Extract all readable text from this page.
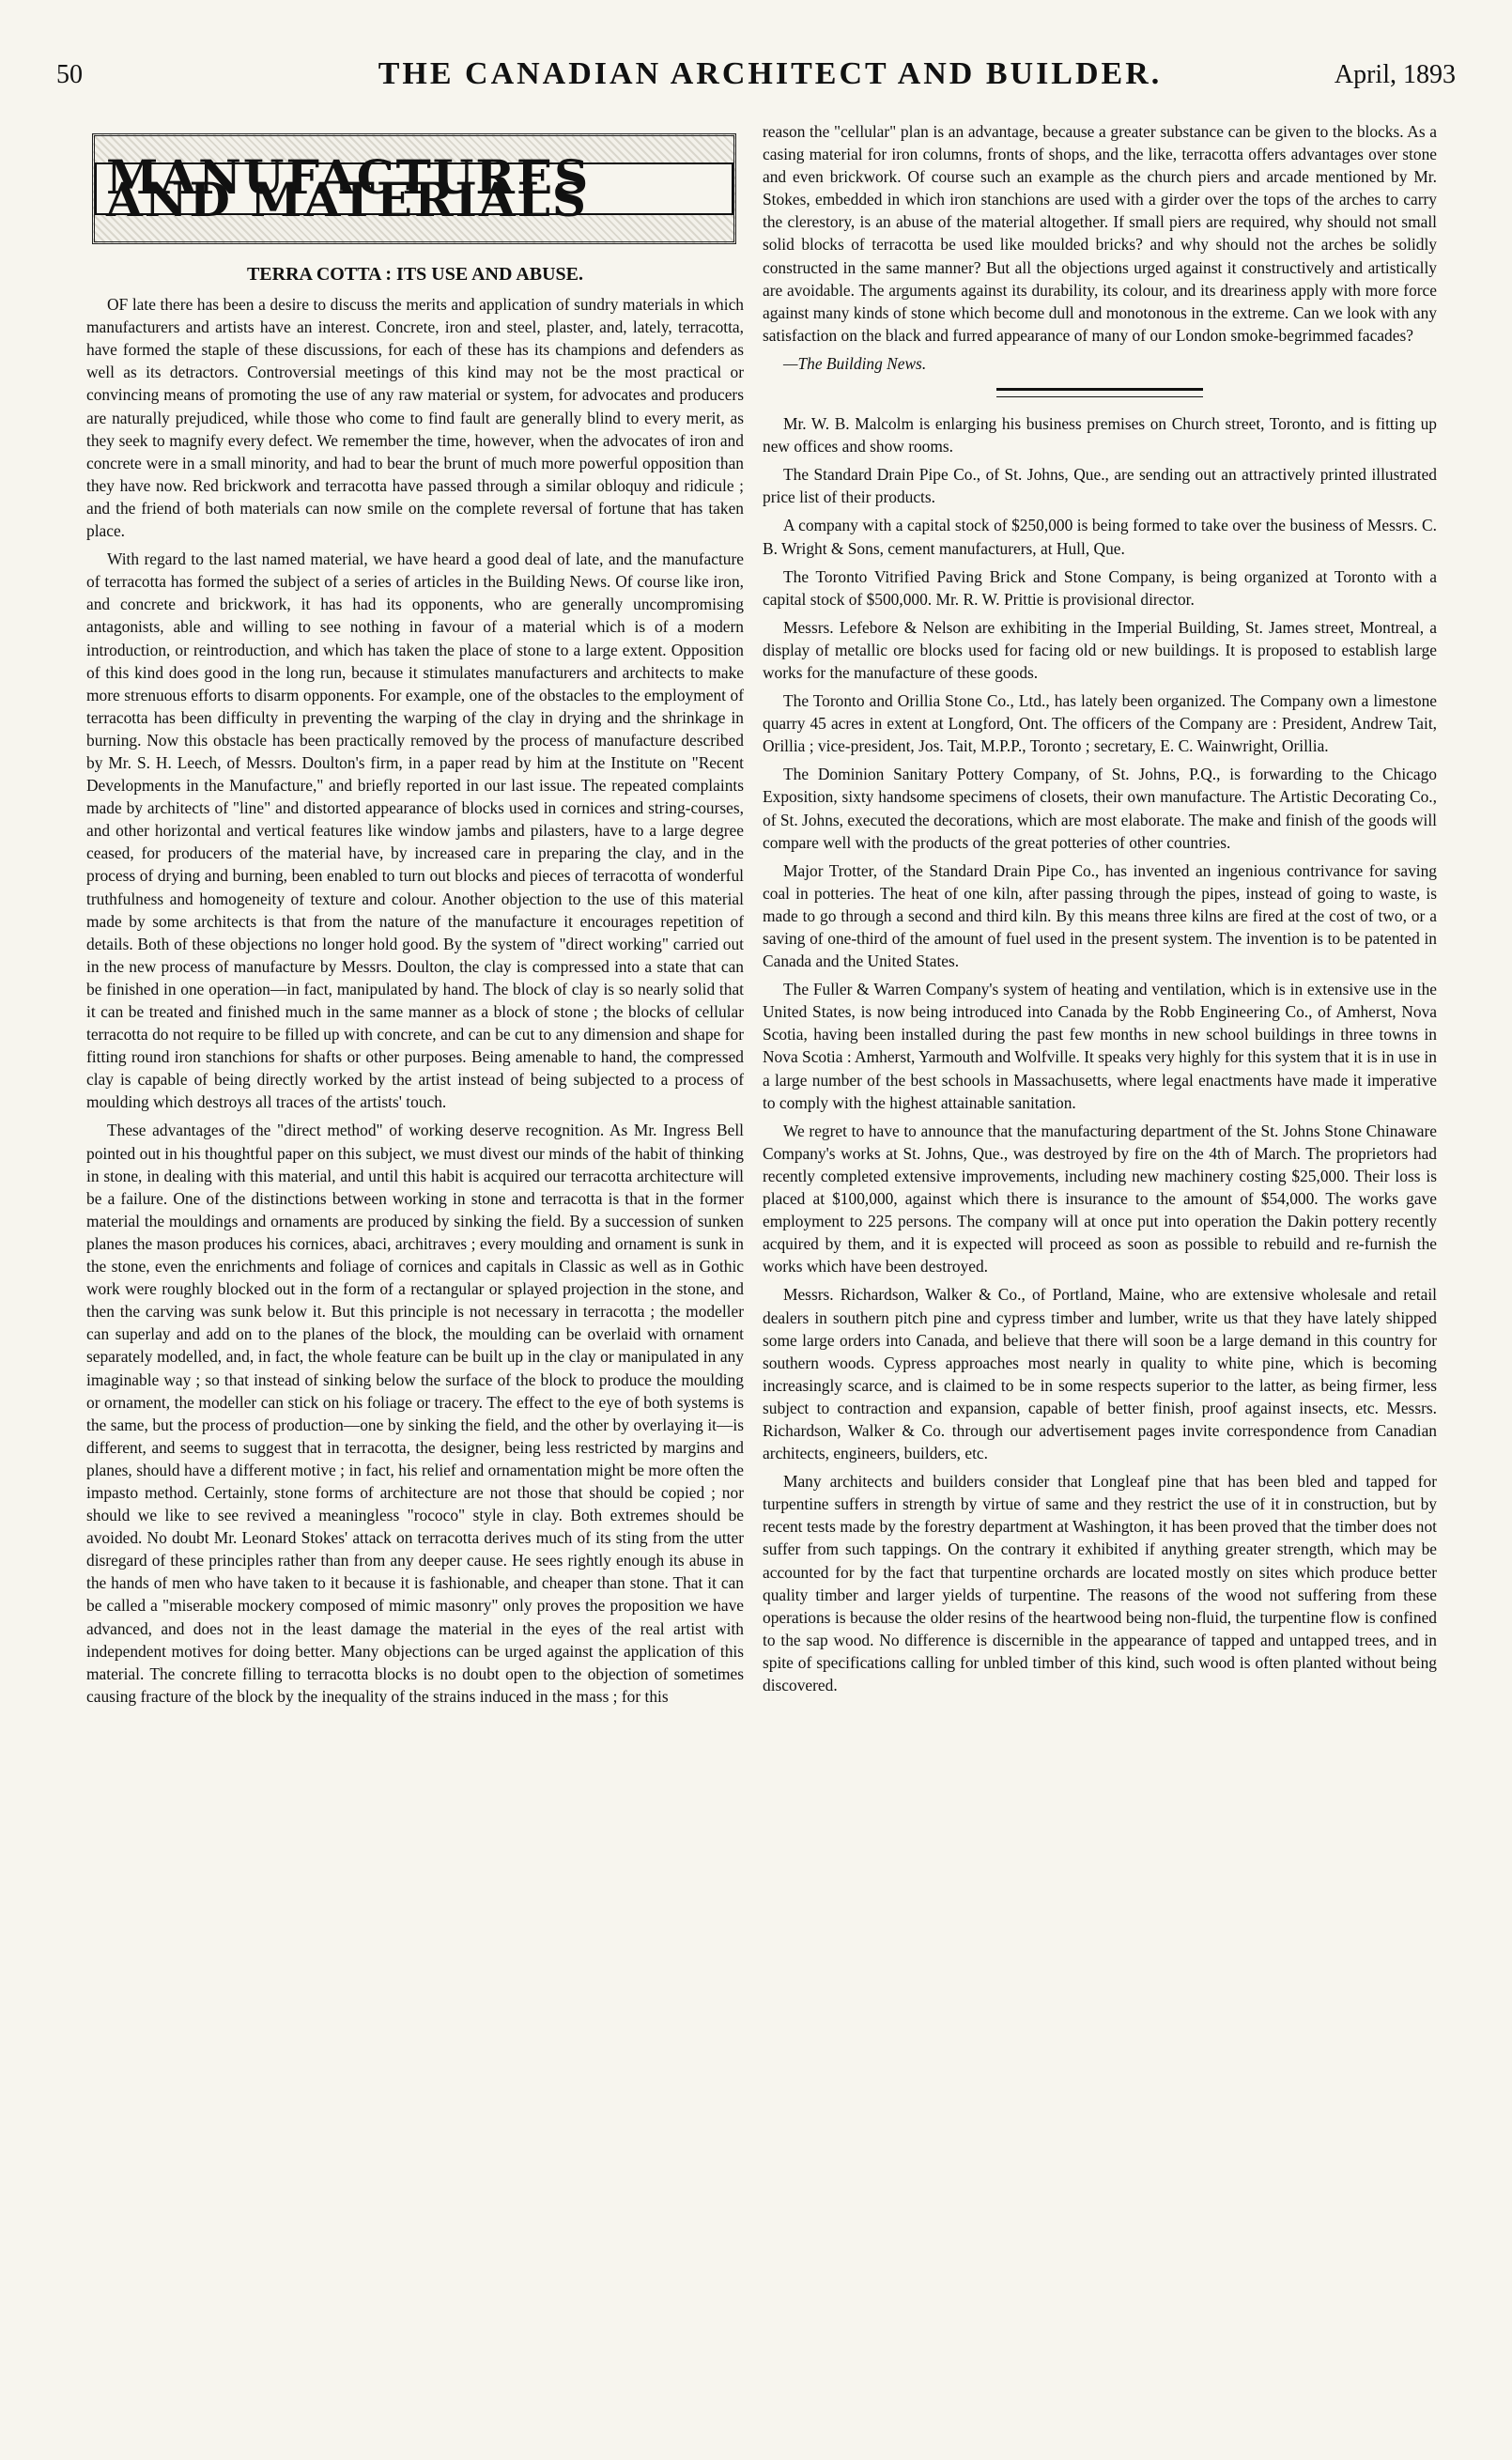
50	THE CANADIAN ARCHITECT AND BUILDER.	April, 1893
MANUFACTURES AND MATERIALS
TERRA COTTA : ITS USE AND ABUSE.

OF late there has been a desire to discuss the merits and application of sundry materials in which manufacturers and artists have an interest. Concrete, iron and steel, plaster, and, lately, terracotta, have formed the staple of these discussions, for each of these has its champions and defenders as well as its detractors. Controversial meetings of this kind may not be the most practical or convincing means of promoting the use of any raw material or system, for advocates and producers are naturally prejudiced, while those who come to find fault are generally blind to every merit, as they seek to magnify every defect. We remember the time, however, when the advocates of iron and concrete were in a small minority, and had to bear the brunt of much more powerful opposition than they have now. Red brickwork and terracotta have passed through a similar obloquy and ridicule ; and the friend of both materials can now smile on the complete reversal of fortune that has taken place.

With regard to the last named material, we have heard a good deal of late, and the manufacture of terracotta has formed the subject of a series of articles in the Building News. Of course like iron, and concrete and brickwork, it has had its opponents, who are generally uncompromising antagonists, able and willing to see nothing in favour of a material which is of a modern introduction, or reintroduction, and which has taken the place of stone to a large extent. Opposition of this kind does good in the long run, because it stimulates manufacturers and architects to make more strenuous efforts to disarm opponents. For example, one of the obstacles to the employment of terracotta has been difficulty in preventing the warping of the clay in drying and the shrinkage in burning. Now this obstacle has been practically removed by the process of manufacture described by Mr. S. H. Leech, of Messrs. Doulton's firm, in a paper read by him at the Institute on "Recent Developments in the Manufacture," and briefly reported in our last issue. The repeated complaints made by architects of "line" and distorted appearance of blocks used in cornices and string-courses, and other horizontal and vertical features like window jambs and pilasters, have to a large degree ceased, for producers of the material have, by increased care in preparing the clay, and in the process of drying and burning, been enabled to turn out blocks and pieces of terracotta of wonderful truthfulness and homogeneity of texture and colour. Another objection to the use of this material made by some architects is that from the nature of the manufacture it encourages repetition of details. Both of these objections no longer hold good. By the system of "direct working" carried out in the new process of manufacture by Messrs. Doulton, the clay is compressed into a state that can be finished in one operation—in fact, manipulated by hand. The block of clay is so nearly solid that it can be treated and finished much in the same manner as a block of stone ; the blocks of cellular terracotta do not require to be filled up with concrete, and can be cut to any dimension and shape for fitting round iron stanchions for shafts or other purposes. Being amenable to hand, the compressed clay is capable of being directly worked by the artist instead of being subjected to a process of moulding which destroys all traces of the artists' touch.

These advantages of the "direct method" of working deserve recognition. As Mr. Ingress Bell pointed out in his thoughtful paper on this subject, we must divest our minds of the habit of thinking in stone, in dealing with this material, and until this habit is acquired our terracotta architecture will be a failure. One of the distinctions between working in stone and terracotta is that in the former material the mouldings and ornaments are produced by sinking the field. By a succession of sunken planes the mason produces his cornices, abaci, architraves ; every moulding and ornament is sunk in the stone, even the enrichments and foliage of cornices and capitals in Classic as well as in Gothic work were roughly blocked out in the form of a rectangular or splayed projection in the stone, and then the carving was sunk below it. But this principle is not necessary in terracotta ; the modeller can superlay and add on to the planes of the block, the moulding can be overlaid with ornament separately modelled, and, in fact, the whole feature can be built up in the clay or manipulated in any imaginable way ; so that instead of sinking below the surface of the block to produce the moulding or ornament, the modeller can stick on his foliage or tracery. The effect to the eye of both systems is the same, but the process of production—one by sinking the field, and the other by overlaying it—is different, and seems to suggest that in terracotta, the designer, being less restricted by margins and planes, should have a different motive ; in fact, his relief and ornamentation might be more often the impasto method. Certainly, stone forms of architecture are not those that should be copied ; nor should we like to see revived a meaningless "rococo" style in clay. Both extremes should be avoided. No doubt Mr. Leonard Stokes' attack on terracotta derives much of its sting from the utter disregard of these principles rather than from any deeper cause. He sees rightly enough its abuse in the hands of men who have taken to it because it is fashionable, and cheaper than stone. That it can be called a "miserable mockery composed of mimic masonry" only proves the proposition we have advanced, and does not in the least damage the material in the eyes of the real artist with independent motives for doing better. Many objections can be urged against the application of this material. The concrete filling to terracotta blocks is no doubt open to the objection of sometimes causing fracture of the block by the inequality of the strains induced in the mass ; for this

reason the "cellular" plan is an advantage, because a greater substance can be given to the blocks. As a casing material for iron columns, fronts of shops, and the like, terracotta offers advantages over stone and even brickwork. Of course such an example as the church piers and arcade mentioned by Mr. Stokes, embedded in which iron stanchions are used with a girder over the tops of the arches to carry the clerestory, is an abuse of the material altogether. If small piers are required, why should not small solid blocks of terracotta be used like moulded bricks? and why should not the arches be solidly constructed in the same manner? But all the objections urged against it constructively and artistically are avoidable. The arguments against its durability, its colour, and its dreariness apply with more force against many kinds of stone which become dull and monotonous in the extreme. Can we look with any satisfaction on the black and furred appearance of many of our London smoke-begrimmed facades?

—The Building News.

Mr. W. B. Malcolm is enlarging his business premises on Church street, Toronto, and is fitting up new offices and show rooms.

The Standard Drain Pipe Co., of St. Johns, Que., are sending out an attractively printed illustrated price list of their products.

A company with a capital stock of $250,000 is being formed to take over the business of Messrs. C. B. Wright & Sons, cement manufacturers, at Hull, Que.

The Toronto Vitrified Paving Brick and Stone Company, is being organized at Toronto with a capital stock of $500,000. Mr. R. W. Prittie is provisional director.

Messrs. Lefebore & Nelson are exhibiting in the Imperial Building, St. James street, Montreal, a display of metallic ore blocks used for facing old or new buildings. It is proposed to establish large works for the manufacture of these goods.

The Toronto and Orillia Stone Co., Ltd., has lately been organized. The Company own a limestone quarry 45 acres in extent at Longford, Ont. The officers of the Company are : President, Andrew Tait, Orillia ; vice-president, Jos. Tait, M.P.P., Toronto ; secretary, E. C. Wainwright, Orillia.

The Dominion Sanitary Pottery Company, of St. Johns, P.Q., is forwarding to the Chicago Exposition, sixty handsome specimens of closets, their own manufacture. The Artistic Decorating Co., of St. Johns, executed the decorations, which are most elaborate. The make and finish of the goods will compare well with the products of the great potteries of other countries.

Major Trotter, of the Standard Drain Pipe Co., has invented an ingenious contrivance for saving coal in potteries. The heat of one kiln, after passing through the pipes, instead of going to waste, is made to go through a second and third kiln. By this means three kilns are fired at the cost of two, or a saving of one-third of the amount of fuel used in the present system. The invention is to be patented in Canada and the United States.

The Fuller & Warren Company's system of heating and ventilation, which is in extensive use in the United States, is now being introduced into Canada by the Robb Engineering Co., of Amherst, Nova Scotia, having been installed during the past few months in new school buildings in three towns in Nova Scotia : Amherst, Yarmouth and Wolfville. It speaks very highly for this system that it is in use in a large number of the best schools in Massachusetts, where legal enactments have made it imperative to comply with the highest attainable sanitation.

We regret to have to announce that the manufacturing department of the St. Johns Stone Chinaware Company's works at St. Johns, Que., was destroyed by fire on the 4th of March. The proprietors had recently completed extensive improvements, including new machinery costing $25,000. Their loss is placed at $100,000, against which there is insurance to the amount of $54,000. The works gave employment to 225 persons. The company will at once put into operation the Dakin pottery recently acquired by them, and it is expected will proceed as soon as possible to rebuild and re-furnish the works which have been destroyed.

Messrs. Richardson, Walker & Co., of Portland, Maine, who are extensive wholesale and retail dealers in southern pitch pine and cypress timber and lumber, write us that they have lately shipped some large orders into Canada, and believe that there will soon be a large demand in this country for southern woods. Cypress approaches most nearly in quality to white pine, which is becoming increasingly scarce, and is claimed to be in some respects superior to the latter, as being firmer, less subject to contraction and expansion, capable of better finish, proof against insects, etc. Messrs. Richardson, Walker & Co. through our advertisement pages invite correspondence from Canadian architects, engineers, builders, etc.

Many architects and builders consider that Longleaf pine that has been bled and tapped for turpentine suffers in strength by virtue of same and they restrict the use of it in construction, but by recent tests made by the forestry department at Washington, it has been proved that the timber does not suffer from such tappings. On the contrary it exhibited if anything greater strength, which may be accounted for by the fact that turpentine orchards are located mostly on sites which produce better quality timber and larger yields of turpentine. The reasons of the wood not suffering from these operations is because the older resins of the heartwood being non-fluid, the turpentine flow is confined to the sap wood. No difference is discernible in the appearance of tapped and untapped trees, and in spite of specifications calling for unbled timber of this kind, such wood is often planted without being discovered.
